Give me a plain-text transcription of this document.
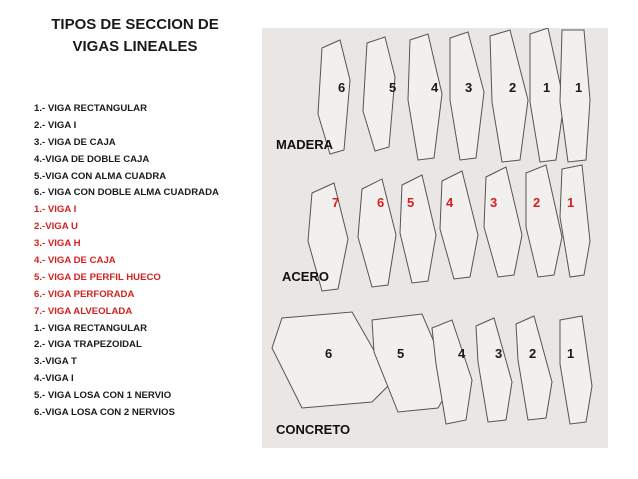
TIPOS DE SECCION DE
VIGAS LINEALES
1.- VIGA RECTANGULAR
2.- VIGA I
3.- VIGA DE CAJA
4.-VIGA DE DOBLE CAJA
5.-VIGA CON ALMA CUADRA
6.- VIGA CON DOBLE ALMA CUADRADA
1.- VIGA I
2.-VIGA U
3.- VIGA H
4.- VIGA DE CAJA
5.- VIGA DE PERFIL HUECO
6.- VIGA PERFORADA
7.- VIGA ALVEOLADA
1.- VIGA RECTANGULAR
2.- VIGA TRAPEZOIDAL
3.-VIGA T
4.-VIGA I
5.- VIGA LOSA CON 1 NERVIO
6.-VIGA LOSA CON 2 NERVIOS
MADERA
6	5	4 3	2 1 1
ACERO
7	6 5 4	3	2 1
CONCRETO
6	5	4 3 2 1
